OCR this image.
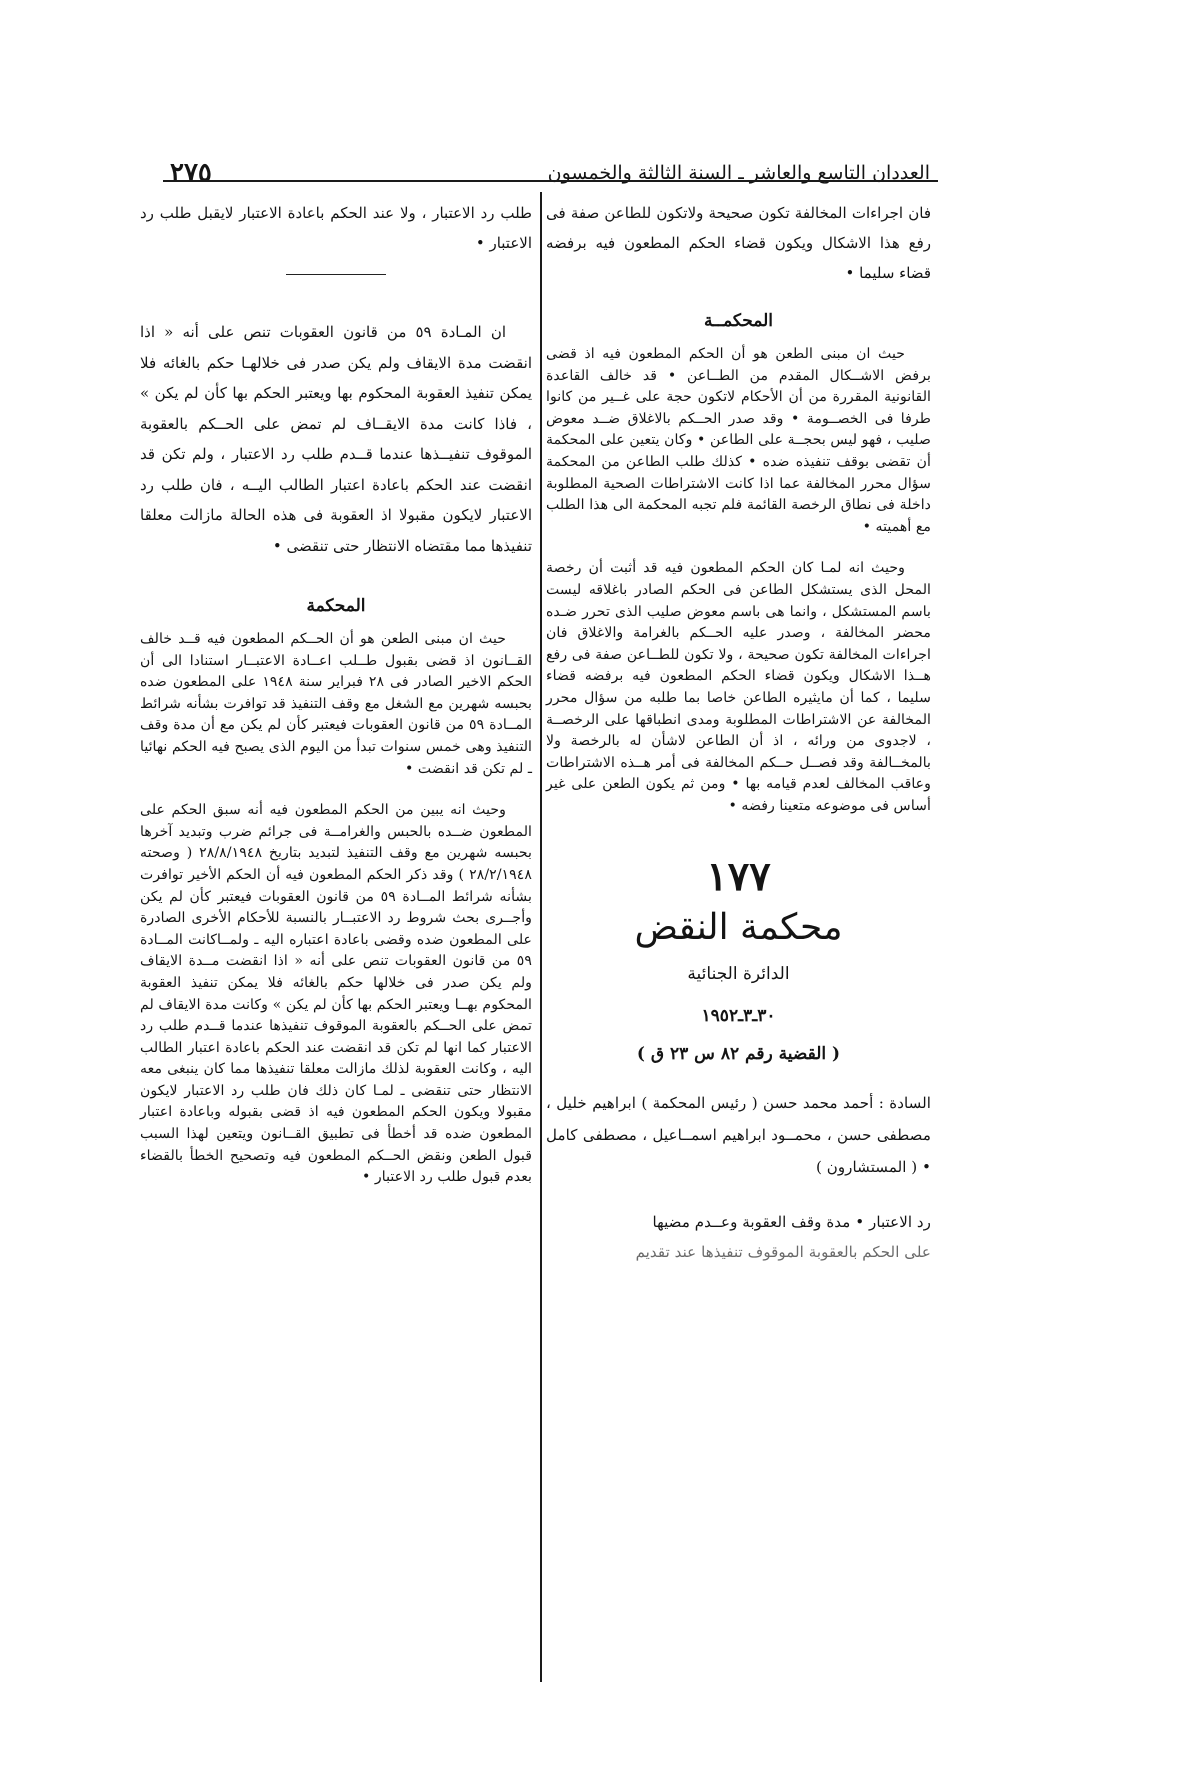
العددان التاسع والعاشر ـ السنة الثالثة والخمسون
٢٧٥

فان اجراءات المخالفة تكون صحيحة ولاتكون للطاعن صفة فى رفع هذا الاشكال ويكون قضاء الحكم المطعون فيه برفضه قضاء سليما •

المحكمــة

حيث ان مبنى الطعن هو أن الحكم المطعون فيه اذ قضى برفض الاشــكال المقدم من الطــاعن • قد خالف القاعدة القانونية المقررة من أن الأحكام لاتكون حجة على غــير من كانوا طرفا فى الخصــومة • وقد صدر الحــكم بالاغلاق ضــد معوض صليب ، فهو ليس بحجــة على الطاعن • وكان يتعين على المحكمة أن تقضى بوقف تنفيذه ضده • كذلك طلب الطاعن من المحكمة سؤال محرر المخالفة عما اذا كانت الاشتراطات الصحية المطلوبة داخلة فى نطاق الرخصة القائمة فلم تجبه المحكمة الى هذا الطلب مع أهميته •

وحيث انه لمـا كان الحكم المطعون فيه قد أثبت أن رخصة المحل الذى يستشكل الطاعن فى الحكم الصادر باغلاقه ليست باسم المستشكل ، وانما هى باسم معوض صليب الذى تحرر ضـده محضر المخالفة ، وصدر عليه الحــكم بالغرامة والاغلاق فان اجراءات المخالفة تكون صحيحة ، ولا تكون للطــاعن صفة فى رفع هــذا الاشكال ويكون قضاء الحكم المطعون فيه برفضه قضاء سليما ، كما أن مايثيره الطاعن خاصا بما طلبه من سؤال محرر المخالفة عن الاشتراطات المطلوبة ومدى انطباقها على الرخصــة ، لاجدوى من ورائه ، اذ أن الطاعن لاشأن له بالرخصة ولا بالمخــالفة وقد فصــل حــكم المخالفة فى أمر هــذه الاشتراطات وعاقب المخالف لعدم قيامه بها • ومن ثم يكون الطعن على غير أساس فى موضوعه متعينا رفضه •

١٧٧

محكمة النقض

الدائرة الجنائية

٣٠ـ٣ـ١٩٥٢

( القضية رقم ٨٢ س ٢٣ ق )

السادة : أحمد محمد حسن ( رئيس المحكمة ) ابراهيم خليل ، مصطفى حسن ، محمــود ابراهيم اسمــاعيل ، مصطفى كامل • ( المستشارون )

رد الاعتبار • مدة وقف العقوبة وعــدم مضيها

على الحكم بالعقوبة الموقوف تنفيذها عند تقديم

طلب رد الاعتبار ، ولا عند الحكم باعادة الاعتبار لايقبل طلب رد الاعتبار •

ان المـادة ٥٩ من قانون العقوبات تنص على أنه « اذا انقضت مدة الايقاف ولم يكن صدر فى خلالهـا حكم بالغائه فلا يمكن تنفيذ العقوبة المحكوم بها ويعتبر الحكم بها كأن لم يكن » ، فاذا كانت مدة الايقــاف لم تمض على الحــكم بالعقوبة الموقوف تنفيــذها عندما قــدم طلب رد الاعتبار ، ولم تكن قد انقضت عند الحكم باعادة اعتبار الطالب اليــه ، فان طلب رد الاعتبار لايكون مقبولا اذ العقوبة فى هذه الحالة مازالت معلقا تنفيذها مما مقتضاه الانتظار حتى تنقضى •

المحكمة

حيث ان مبنى الطعن هو أن الحــكم المطعون فيه قــد خالف القــانون اذ قضى بقبول طــلب اعــادة الاعتبــار استنادا الى أن الحكم الاخير الصادر فى ٢٨ فبراير سنة ١٩٤٨ على المطعون ضده بحبسه شهرين مع الشغل مع وقف التنفيذ قد توافرت بشأنه شرائط المــادة ٥٩ من قانون العقوبات فيعتبر كأن لم يكن مع أن مدة وقف التنفيذ وهى خمس سنوات تبدأ من اليوم الذى يصبح فيه الحكم نهائيا ـ لم تكن قد انقضت •

وحيث انه يبين من الحكم المطعون فيه أنه سبق الحكم على المطعون ضــده بالحبس والغرامــة فى جرائم ضرب وتبديد آخرها بحبسه شهرين مع وقف التنفيذ لتبديد بتاريخ ٢٨/٨/١٩٤٨ ( وصحته ٢٨/٢/١٩٤٨ ) وقد ذكر الحكم المطعون فيه أن الحكم الأخير توافرت بشأنه شرائط المــادة ٥٩ من قانون العقوبات فيعتبر كأن لم يكن وأجــرى بحث شروط رد الاعتبــار بالنسبة للأحكام الأخرى الصادرة على المطعون ضده وقضى باعادة اعتباره اليه ـ ولمــاكانت المــادة ٥٩ من قانون العقوبات تنص على أنه « اذا انقضت مــدة الايقاف ولم يكن صدر فى خلالها حكم بالغائه فلا يمكن تنفيذ العقوبة المحكوم بهــا ويعتبر الحكم بها كأن لم يكن » وكانت مدة الايقاف لم تمض على الحــكم بالعقوبة الموقوف تنفيذها عندما قــدم طلب رد الاعتبار كما انها لم تكن قد انقضت عند الحكم باعادة اعتبار الطالب اليه ، وكانت العقوبة لذلك مازالت معلقا تنفيذها مما كان ينبغى معه الانتظار حتى تنقضى ـ لمـا كان ذلك فان طلب رد الاعتبار لايكون مقبولا ويكون الحكم المطعون فيه اذ قضى بقبوله وباعادة اعتبار المطعون ضده قد أخطأ فى تطبيق القــانون ويتعين لهذا السبب قبول الطعن ونقض الحــكم المطعون فيه وتصحيح الخطأ بالقضاء بعدم قبول طلب رد الاعتبار •
